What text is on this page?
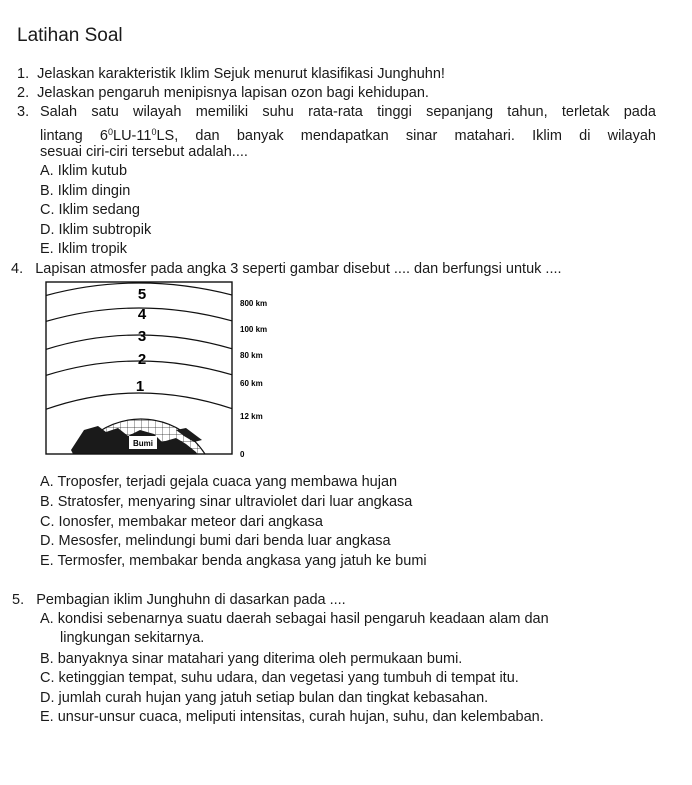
Latihan Soal
1. Jelaskan karakteristik Iklim Sejuk menurut klasifikasi Junghuhn!
2. Jelaskan pengaruh menipisnya lapisan ozon bagi kehidupan.
3. Salah satu wilayah memiliki suhu rata-rata tinggi sepanjang tahun, terletak pada
lintang $6^0LU-11^0LS$, dan banyak mendapatkan sinar matahari. Iklim di wilayah
sesuai ciri-ciri tersebut adalah....
A. Iklim kutub
B. Iklim dingin
C. Iklim sedang
D. Iklim subtropik
E. Iklim tropik
4. Lapisan atmosfer pada angka 3 seperti gambar disebut .... dan berfungsi untuk ....
5
4
3
2
1
Bumi
800 km
100 km
80 km
60 km
12 km
0
A. Troposfer, terjadi gejala cuaca yang membawa hujan
B. Stratosfer, menyaring sinar ultraviolet dari luar angkasa
C. Ionosfer, membakar meteor dari angkasa
D. Mesosfer, melindungi bumi dari benda luar angkasa
E. Termosfer, membakar benda angkasa yang jatuh ke bumi
5. Pembagian iklim Junghuhn di dasarkan pada ....
A. kondisi sebenarnya suatu daerah sebagai hasil pengaruh keadaan alam dan
lingkungan sekitarnya.
B. banyaknya sinar matahari yang diterima oleh permukaan bumi.
C. ketinggian tempat, suhu udara, dan vegetasi yang tumbuh di tempat itu.
D. jumlah curah hujan yang jatuh setiap bulan dan tingkat kebasahan.
E. unsur-unsur cuaca, meliputi intensitas, curah hujan, suhu, dan kelembaban.
